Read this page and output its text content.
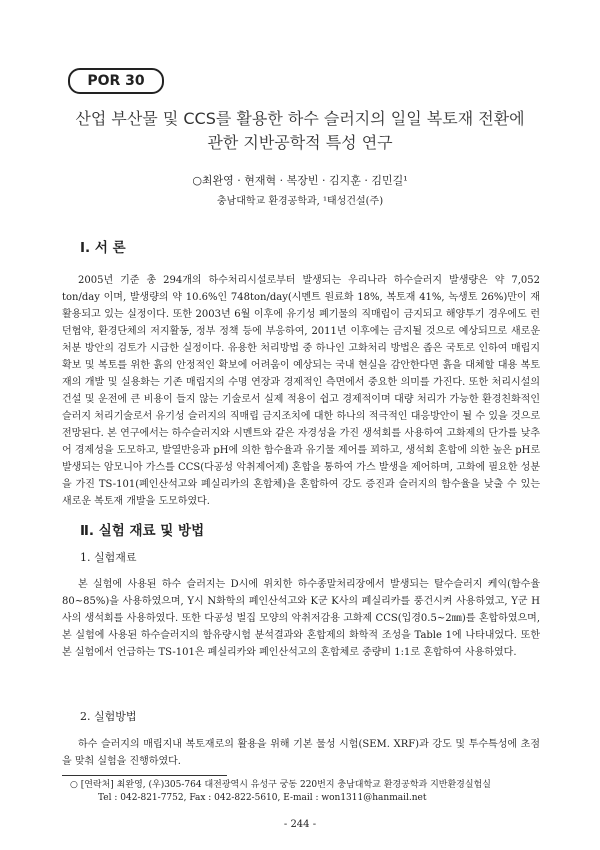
POR 30
산업 부산물 및 CCS를 활용한 하수 슬러지의 일일 복토재 전환에
관한 지반공학적 특성 연구
○최완영 · 현재혁 · 복장빈 · 김지훈 · 김민길¹
충남대학교 환경공학과, ¹태성건설(주)
Ⅰ. 서 론

2005년 기준 총 294개의 하수처리시설로부터 발생되는 우리나라 하수슬러지 발생량은 약 7,052 ton/day 이며, 발생량의 약 10.6%인 748ton/day(시멘트 원료화 18%, 복토재 41%, 녹생토 26%)만이 재활용되고 있는 실정이다. 또한 2003년 6월 이후에 유기성 폐기물의 직매립이 금지되고 해양투기 경우에도 런던협약, 환경단체의 저지활동, 정부 정책 등에 부응하여, 2011년 이후에는 금지될 것으로 예상되므로 새로운 처분 방안의 검토가 시급한 실정이다. 유용한 처리방법 중 하나인 고화처리 방법은 좁은 국토로 인하여 매립지 확보 및 복토를 위한 흙의 안정적인 확보에 어려움이 예상되는 국내 현실을 감안한다면 흙을 대체할 대용 복토재의 개발 및 실용화는 기존 매립지의 수명 연장과 경제적인 측면에서 중요한 의미를 가진다. 또한 처리시설의 건설 및 운전에 큰 비용이 들지 않는 기술로서 실제 적용이 쉽고 경제적이며 대량 처리가 가능한 환경친화적인 슬러지 처리기술로서 유기성 슬러지의 직매립 금지조치에 대한 하나의 적극적인 대응방안이 될 수 있을 것으로 전망된다. 본 연구에서는 하수슬러지와 시멘트와 같은 자경성을 가진 생석회를 사용하여 고화제의 단가를 낮추어 경제성을 도모하고, 발열반응과 pH에 의한 함수율과 유기물 제어를 꾀하고, 생석회 혼합에 의한 높은 pH로 발생되는 암모니아 가스를 CCS(다공성 악취제어제) 혼합을 통하여 가스 발생을 제어하며, 고화에 필요한 성분을 가진 TS-101(폐인산석고와 폐실리카의 혼합체)을 혼합하여 강도 증진과 슬러지의 함수율을 낮출 수 있는 새로운 복토재 개발을 도모하였다.

Ⅱ. 실험 재료 및 방법
1. 실험재료

본 실험에 사용된 하수 슬러지는 D시에 위치한 하수종말처리장에서 발생되는 탈수슬러지 케익(함수율 80~85%)을 사용하였으며, Y시 N화학의 폐인산석고와 K군 K사의 폐실리카를 풍건시켜 사용하였고, Y군 H사의 생석회를 사용하였다. 또한 다공성 벌집 모양의 악취저감용 고화제 CCS(입경0.5~2㎜)를 혼합하였으며, 본 실험에 사용된 하수슬러지의 함유량시험 분석결과와 혼합제의 화학적 조성을 Table 1에 나타내었다. 또한 본 실험에서 언급하는 TS-101은 폐실리카와 폐인산석고의 혼합체로 중량비 1:1로 혼합하여 사용하였다.

2. 실험방법

하수 슬러지의 매립지내 복토재로의 활용을 위해 기본 물성 시험(SEM. XRF)과 강도 및 투수특성에 초점을 맞춰 실험을 진행하였다.

○ [연락처] 최완영, (우)305-764 대전광역시 유성구 궁동 220번지 충남대학교 환경공학과 지반환경실험실
Tel : 042-821-7752, Fax : 042-822-5610, E-mail : won1311@hanmail.net
- 244 -
